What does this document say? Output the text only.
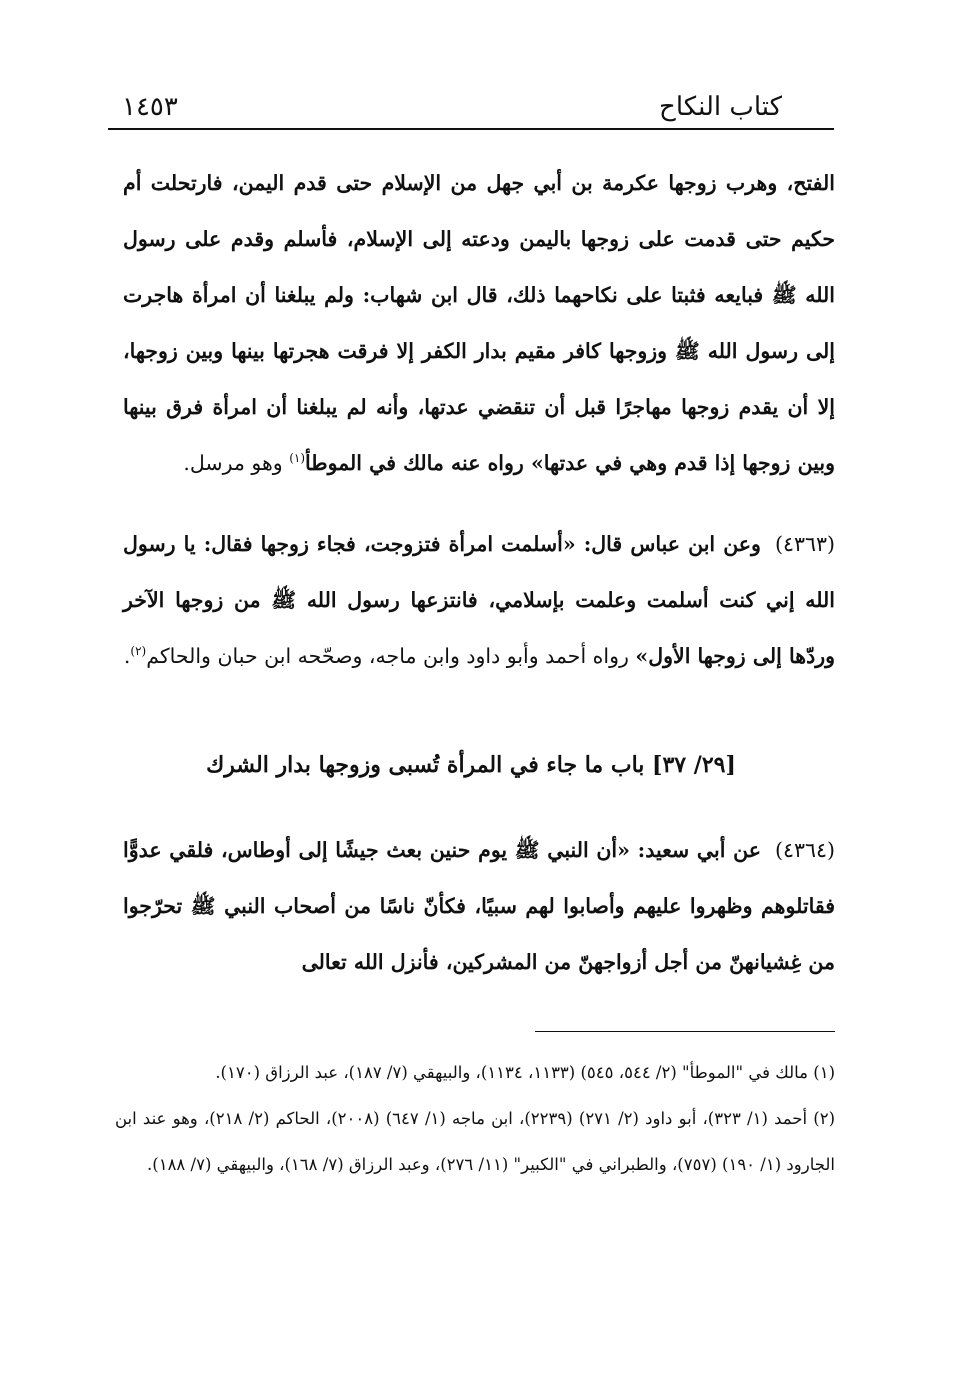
كتاب النكاح
١٤٥٣

الفتح، وهرب زوجها عكرمة بن أبي جهل من الإسلام حتى قدم اليمن، فارتحلت أم حكيم حتى قدمت على زوجها باليمن ودعته إلى الإسلام، فأسلم وقدم على رسول الله ﷺ فبايعه فثبتا على نكاحهما ذلك، قال ابن شهاب: ولم يبلغنا أن امرأة هاجرت إلى رسول الله ﷺ وزوجها كافر مقيم بدار الكفر إلا فرقت هجرتها بينها وبين زوجها، إلا أن يقدم زوجها مهاجرًا قبل أن تنقضي عدتها، وأنه لم يبلغنا أن امرأة فرق بينها وبين زوجها إذا قدم وهي في عدتها» رواه عنه مالك في الموطأ$^{(١)}$ وهو مرسل.

(٤٣٦٣)وعن ابن عباس قال: «أسلمت امرأة فتزوجت، فجاء زوجها فقال: يا رسول الله إني كنت أسلمت وعلمت بإسلامي، فانتزعها رسول الله ﷺ من زوجها الآخر وردّها إلى زوجها الأول» رواه أحمد وأبو داود وابن ماجه، وصحّحه ابن حبان والحاكم$^{(٢)}$.

[٢٩/ ٣٧] باب ما جاء في المرأة تُسبى وزوجها بدار الشرك

(٤٣٦٤)عن أبي سعيد: «أن النبي ﷺ يوم حنين بعث جيشًا إلى أوطاس، فلقي عدوًّا فقاتلوهم وظهروا عليهم وأصابوا لهم سبيًا، فكأنّ ناسًا من أصحاب النبي ﷺ تحرّجوا من غِشيانهنّ من أجل أزواجهنّ من المشركين، فأنزل الله تعالى

(١) مالك في "الموطأ" (٢/ ٥٤٤، ٥٤٥) (١١٣٣، ١١٣٤)، والبيهقي (٧/ ١٨٧)، عبد الرزاق (١٧٠).

(٢) أحمد (١/ ٣٢٣)، أبو داود (٢/ ٢٧١) (٢٢٣٩)، ابن ماجه (١/ ٦٤٧) (٢٠٠٨)، الحاكم (٢/ ٢١٨)، وهو عند ابن الجارود (١/ ١٩٠) (٧٥٧)، والطبراني في "الكبير" (١١/ ٢٧٦)، وعبد الرزاق (٧/ ١٦٨)، والبيهقي (٧/ ١٨٨).
